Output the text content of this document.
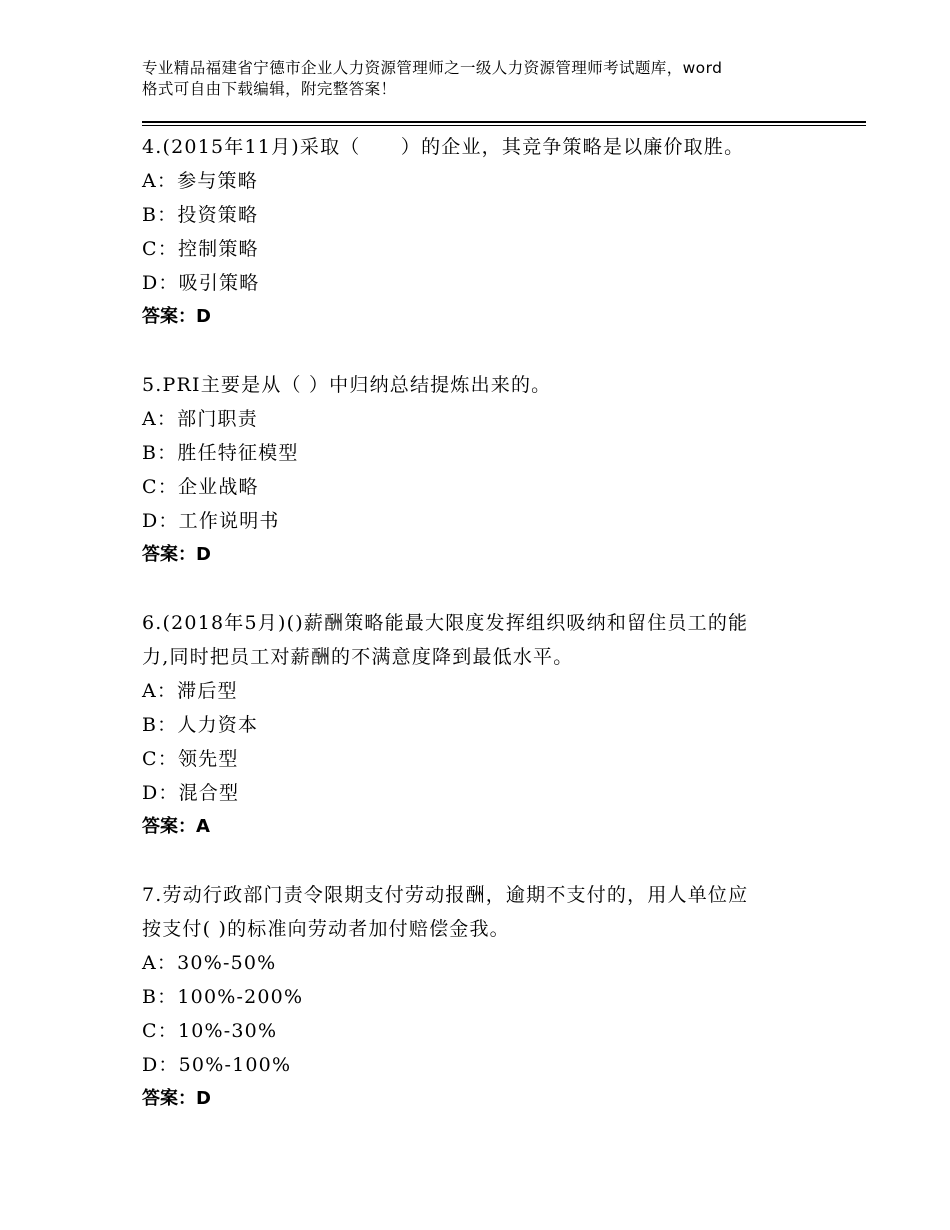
专业精品福建省宁德市企业人力资源管理师之一级人力资源管理师考试题库，word
格式可自由下载编辑，附完整答案！
4.(2015年11月)采取（　　）的企业，其竞争策略是以廉价取胜。
A：参与策略
B：投资策略
C：控制策略
D：吸引策略
答案：D
5.PRI主要是从（ ）中归纳总结提炼出来的。
A：部门职责
B：胜任特征模型
C：企业战略
D：工作说明书
答案：D
6.(2018年5月)()薪酬策略能最大限度发挥组织吸纳和留住员工的能
力,同时把员工对薪酬的不满意度降到最低水平。
A：滞后型
B：人力资本
C：领先型
D：混合型
答案：A
7.劳动行政部门责令限期支付劳动报酬，逾期不支付的，用人单位应
按支付( )的标准向劳动者加付赔偿金我。
A：30%-50%
B：100%-200%
C：10%-30%
D：50%-100%
答案：D
